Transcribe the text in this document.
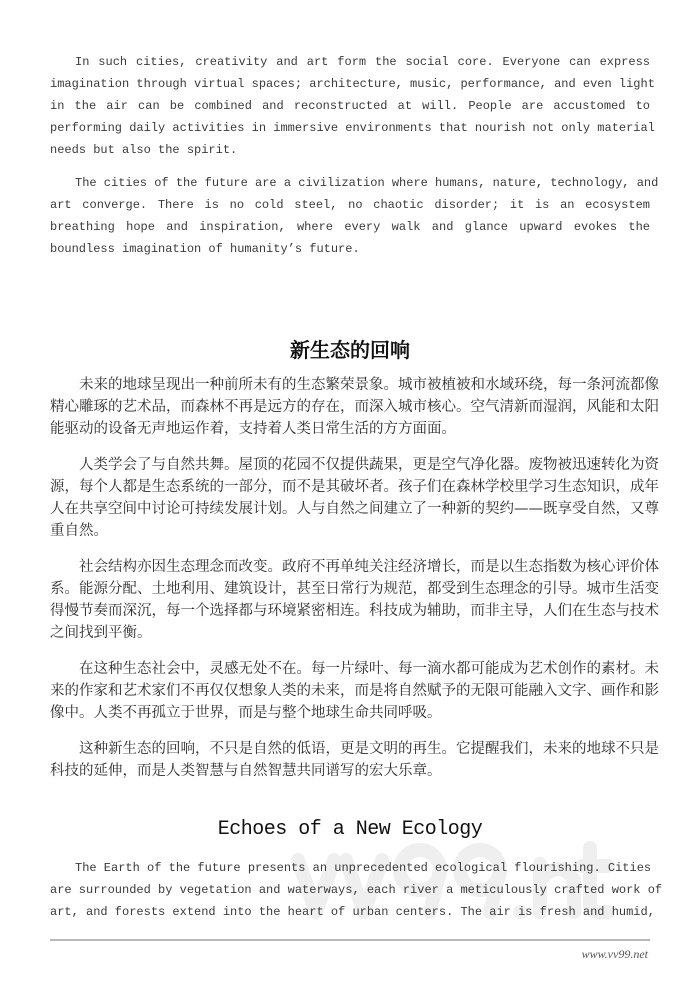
In such cities, creativity and art form the social core. Everyone can express
imagination through virtual spaces; architecture, music, performance, and even light
in the air can be combined and reconstructed at will. People are accustomed to
performing daily activities in immersive environments that nourish not only material
needs but also the spirit.
The cities of the future are a civilization where humans, nature, technology, and
art converge. There is no cold steel, no chaotic disorder; it is an ecosystem
breathing hope and inspiration, where every walk and glance upward evokes the
boundless imagination of humanity’s future.
新生态的回响
未来的地球呈现出一种前所未有的生态繁荣景象。城市被植被和水域环绕，每一条河流都像
精心雕琢的艺术品，而森林不再是远方的存在，而深入城市核心。空气清新而湿润，风能和太阳
能驱动的设备无声地运作着，支持着人类日常生活的方方面面。
人类学会了与自然共舞。屋顶的花园不仅提供蔬果，更是空气净化器。废物被迅速转化为资
源，每个人都是生态系统的一部分，而不是其破坏者。孩子们在森林学校里学习生态知识，成年
人在共享空间中讨论可持续发展计划。人与自然之间建立了一种新的契约——既享受自然，又尊
重自然。
社会结构亦因生态理念而改变。政府不再单纯关注经济增长，而是以生态指数为核心评价体
系。能源分配、土地利用、建筑设计，甚至日常行为规范，都受到生态理念的引导。城市生活变
得慢节奏而深沉，每一个选择都与环境紧密相连。科技成为辅助，而非主导，人们在生态与技术
之间找到平衡。
在这种生态社会中，灵感无处不在。每一片绿叶、每一滴水都可能成为艺术创作的素材。未
来的作家和艺术家们不再仅仅想象人类的未来，而是将自然赋予的无限可能融入文字、画作和影
像中。人类不再孤立于世界，而是与整个地球生命共同呼吸。
这种新生态的回响，不只是自然的低语，更是文明的再生。它提醒我们，未来的地球不只是
科技的延伸，而是人类智慧与自然智慧共同谱写的宏大乐章。
Echoes of a New Ecology
The Earth of the future presents an unprecedented ecological flourishing. Cities
are surrounded by vegetation and waterways, each river a meticulously crafted work of
art, and forests extend into the heart of urban centers. The air is fresh and humid,
www.vv99.net
